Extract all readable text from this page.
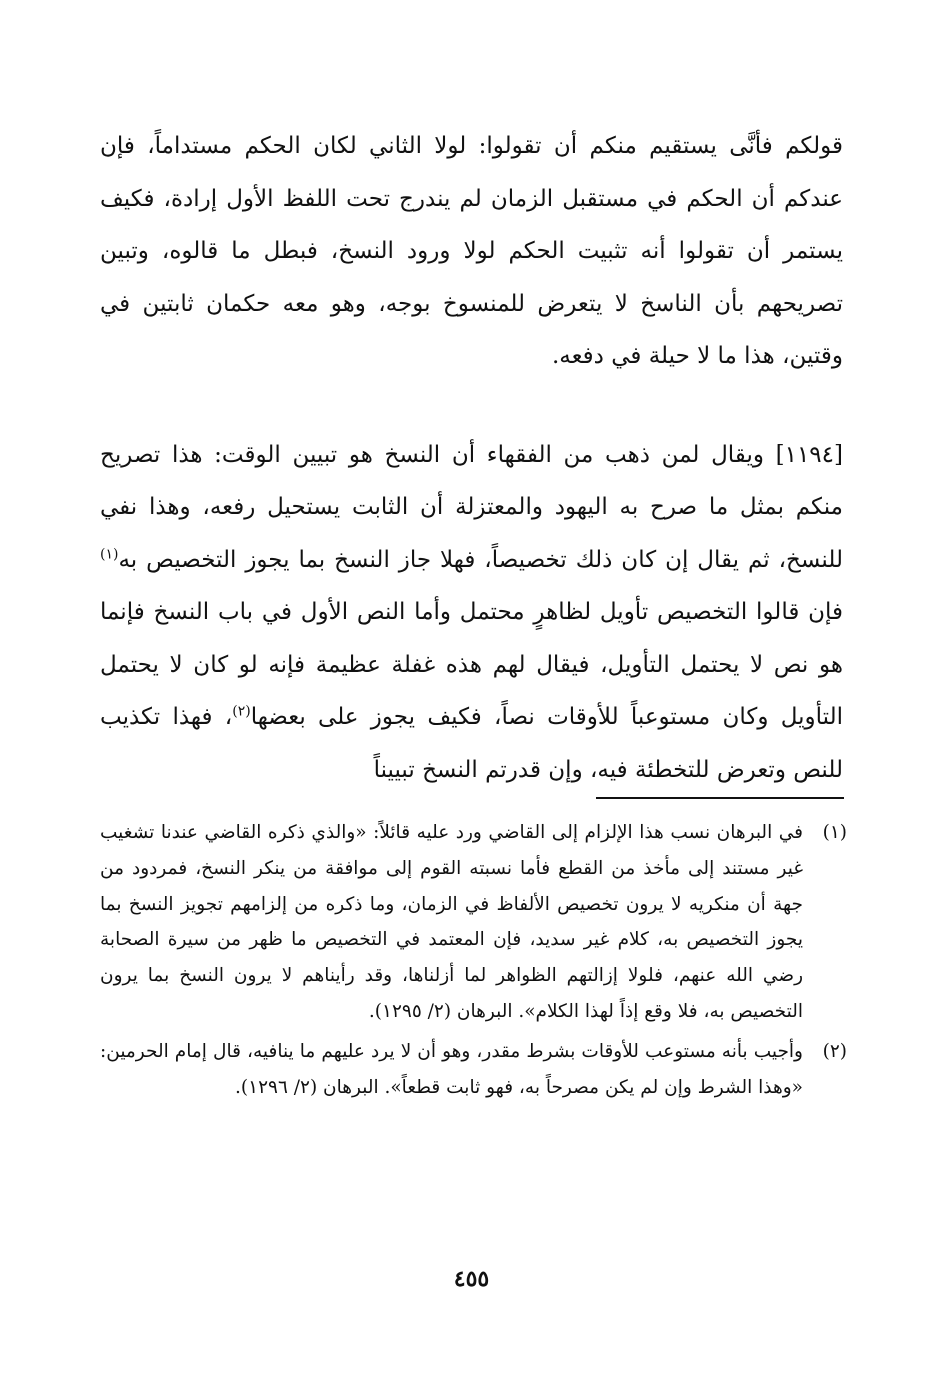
قولكم فأنَّى يستقيم منكم أن تقولوا: لولا الثاني لكان الحكم مستداماً، فإن عندكم أن الحكم في مستقبل الزمان لم يندرج تحت اللفظ الأول إرادة، فكيف يستمر أن تقولوا أنه تثبيت الحكم لولا ورود النسخ، فبطل ما قالوه، وتبين تصريحهم بأن الناسخ لا يتعرض للمنسوخ بوجه، وهو معه حكمان ثابتين في وقتين، هذا ما لا حيلة في دفعه.

[١١٩٤] ويقال لمن ذهب من الفقهاء أن النسخ هو تبيين الوقت: هذا تصريح منكم بمثل ما صرح به اليهود والمعتزلة أن الثابت يستحيل رفعه، وهذا نفي للنسخ، ثم يقال إن كان ذلك تخصيصاً، فهلا جاز النسخ بما يجوز التخصيص به$^{(١)}$ فإن قالوا التخصيص تأويل لظاهرٍ محتمل وأما النص الأول في باب النسخ فإنما هو نص لا يحتمل التأويل، فيقال لهم هذه غفلة عظيمة فإنه لو كان لا يحتمل التأويل وكان مستوعباً للأوقات نصاً، فكيف يجوز على بعضها$^{(٢)}$، فهذا تكذيب للنص وتعرض للتخطئة فيه، وإن قدرتم النسخ تبييناً

(١)
في البرهان نسب هذا الإلزام إلى القاضي ورد عليه قائلاً: «والذي ذكره القاضي عندنا تشغيب غير مستند إلى مأخذ من القطع فأما نسبته القوم إلى موافقة من ينكر النسخ، فمردود من جهة أن منكريه لا يرون تخصيص الألفاظ في الزمان، وما ذكره من إلزامهم تجويز النسخ بما يجوز التخصيص به، كلام غير سديد، فإن المعتمد في التخصيص ما ظهر من سيرة الصحابة رضي الله عنهم، فلولا إزالتهم الظواهر لما أزلناها، وقد رأيناهم لا يرون النسخ بما يرون التخصيص به، فلا وقع إذاً لهذا الكلام». البرهان (٢/ ١٢٩٥).
(٢)
وأجيب بأنه مستوعب للأوقات بشرط مقدر، وهو أن لا يرد عليهم ما ينافيه، قال إمام الحرمين: «وهذا الشرط وإن لم يكن مصرحاً به، فهو ثابت قطعاً». البرهان (٢/ ١٢٩٦).
٤٥٥
